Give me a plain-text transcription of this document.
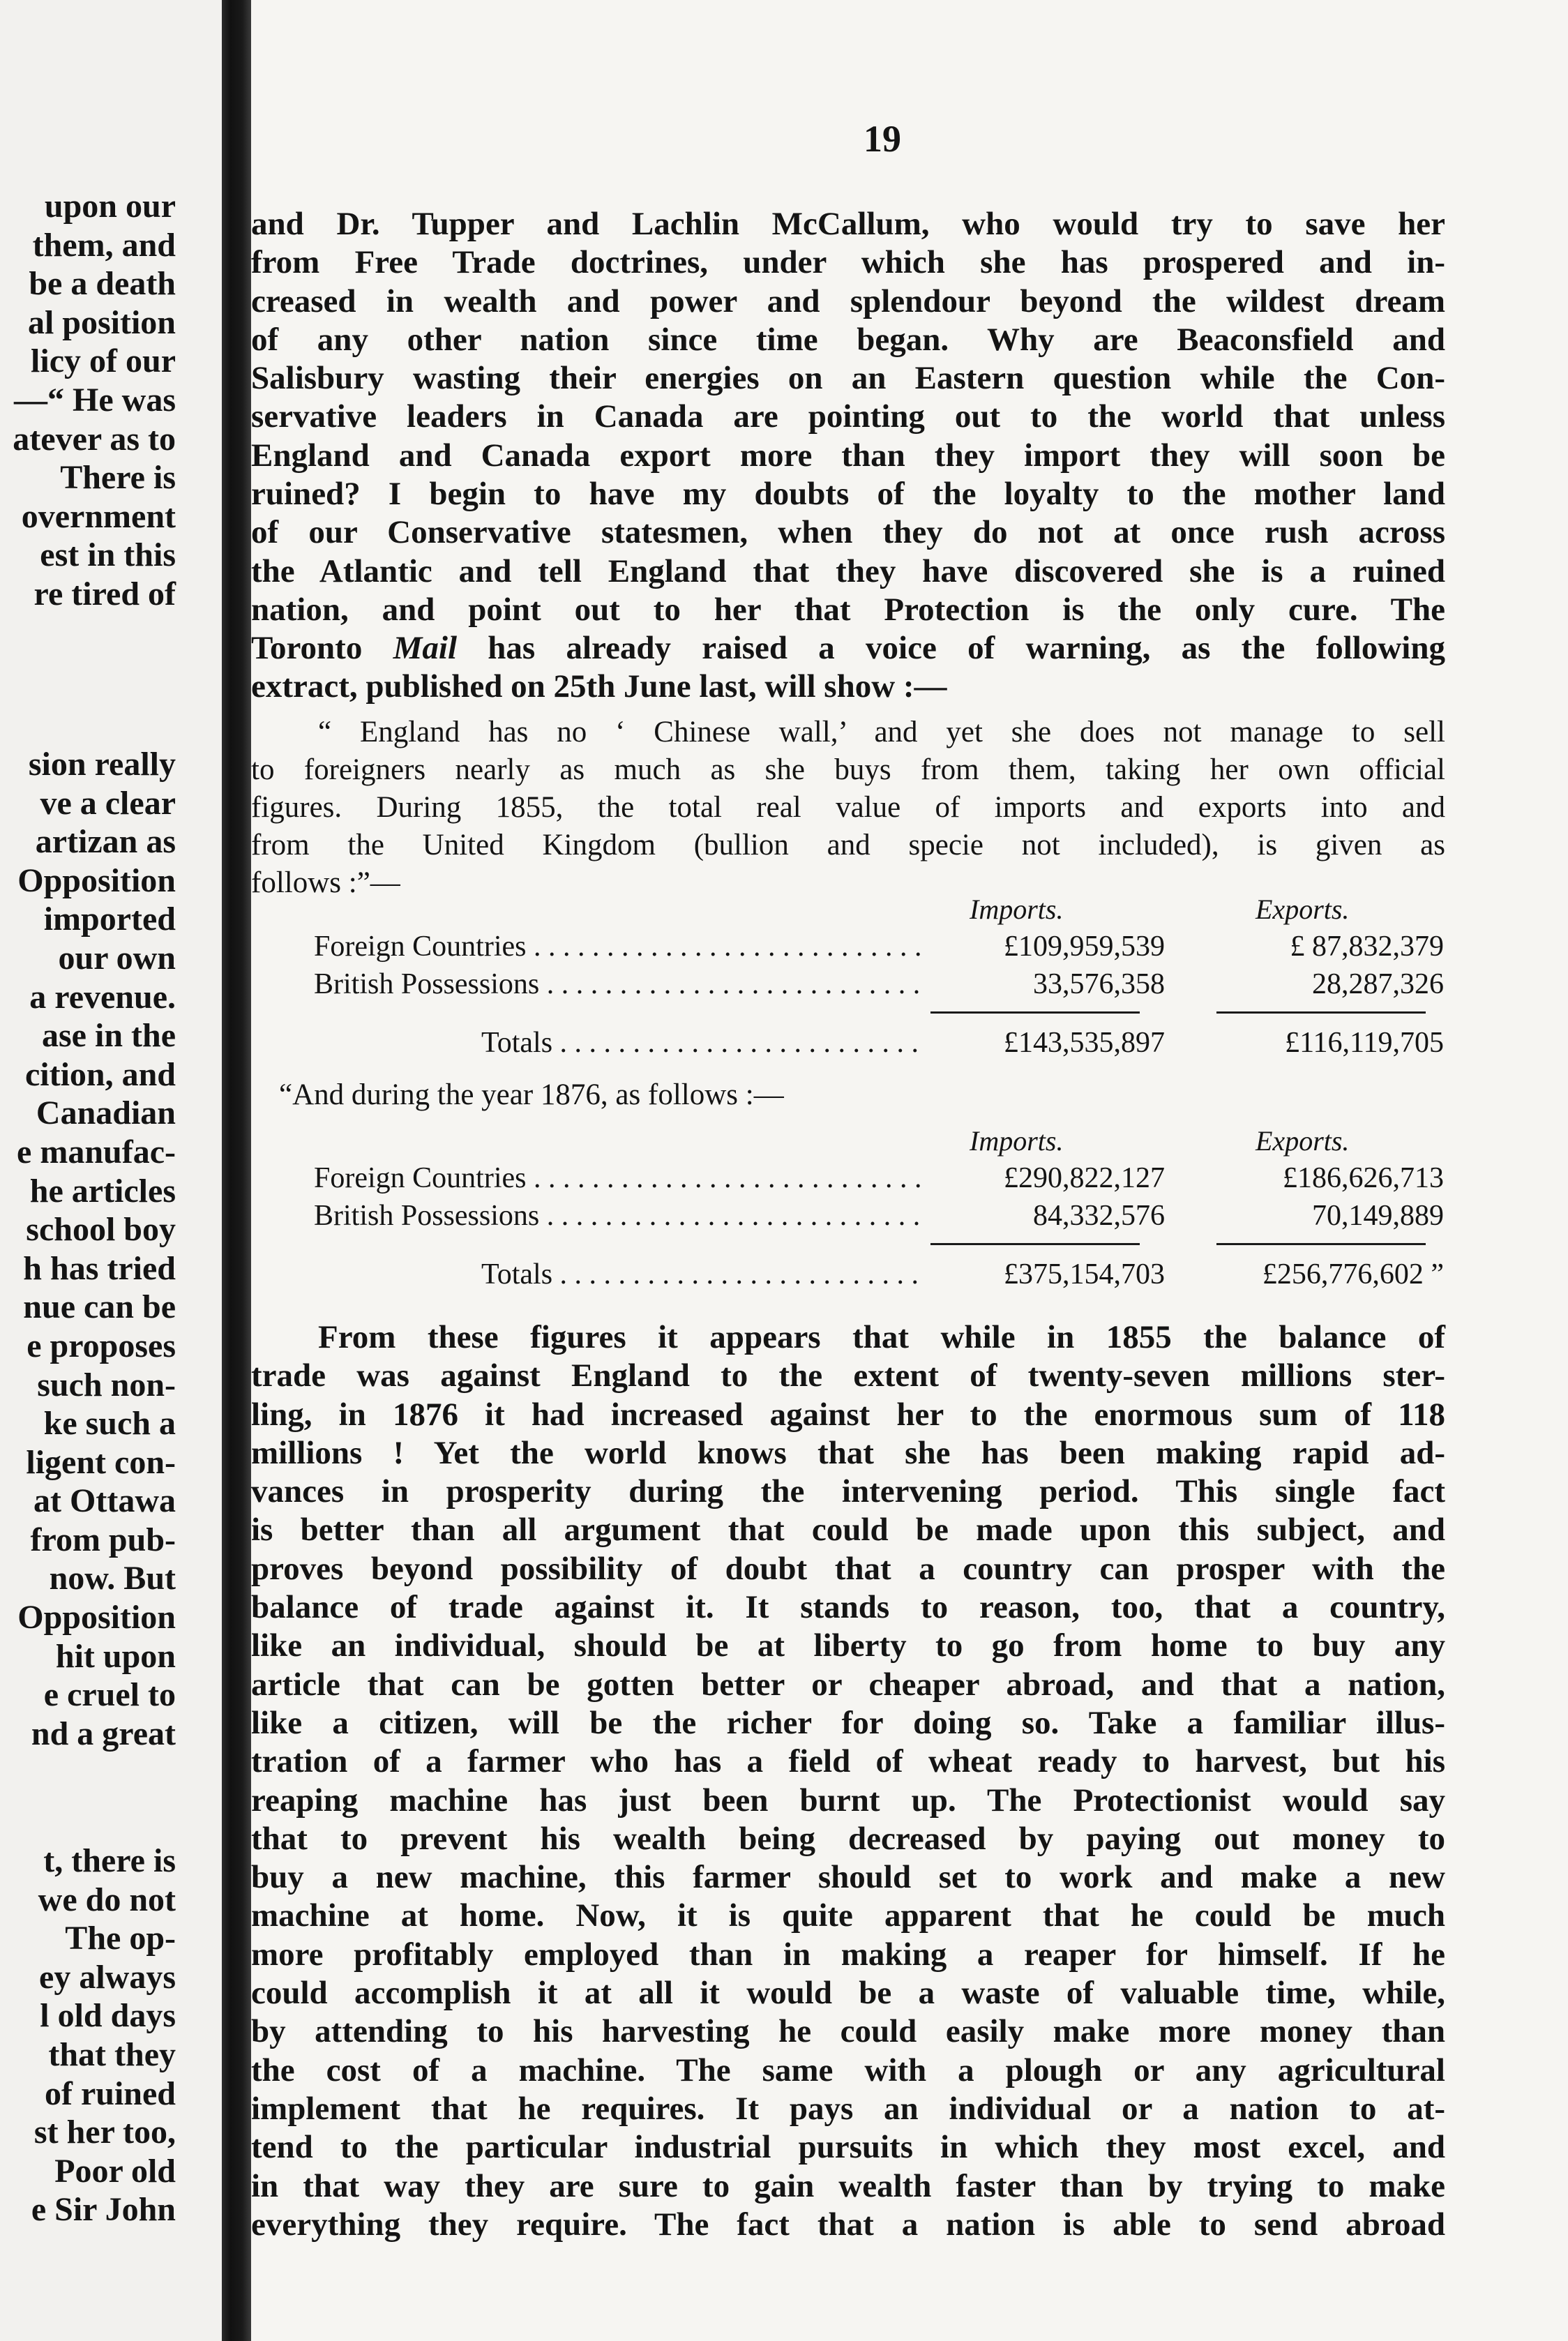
upon our
them, and
be a death
al position
licy of our
—“ He was
atever as to
There is
overnment
est in this
re tired of
sion really
ve a clear
artizan as
Opposition
imported
our own
a revenue.
ase in the
cition, and
Canadian
e manufac-
he articles
school boy
h has tried
nue can be
e proposes
such non-
ke such a
ligent con-
at Ottawa
from pub-
now. But
Opposition
hit upon
e cruel to
nd a great
t, there is
we do not
The op-
ey always
l old days
that they
of ruined
st her too,
Poor old
e Sir John
19
and Dr. Tupper and Lachlin McCallum, who would try to save her
from Free Trade doctrines, under which she has prospered and in-
creased in wealth and power and splendour beyond the wildest dream
of any other nation since time began. Why are Beaconsfield and
Salisbury wasting their energies on an Eastern question while the Con-
servative leaders in Canada are pointing out to the world that unless
England and Canada export more than they import they will soon be
ruined? I begin to have my doubts of the loyalty to the mother land
of our Conservative statesmen, when they do not at once rush across
the Atlantic and tell England that they have discovered she is a ruined
nation, and point out to her that Protection is the only cure. The
Toronto Mail has already raised a voice of warning, as the following
extract, published on 25th June last, will show :—
“ England has no ‘ Chinese wall,’ and yet she does not manage to sell
to foreigners nearly as much as she buys from them, taking her own official
figures. During 1855, the total real value of imports and exports into and
from the United Kingdom (bullion and specie not included), is given as
follows :”—
Imports.	Exports.
Foreign Countries . . .	£109,959,539	£ 87,832,379
British Possessions . . .	33,576,358	28,287,326
Totals . . .	£143,535,897	£116,119,705
“And during the year 1876, as follows :—
Imports.	Exports.
Foreign Countries . . .	£290,822,127	£186,626,713
British Possessions . . .	84,332,576	70,149,889
Totals . . .	£375,154,703	£256,776,602 ”
From these figures it appears that while in 1855 the balance of
trade was against England to the extent of twenty-seven millions ster-
ling, in 1876 it had increased against her to the enormous sum of 118
millions ! Yet the world knows that she has been making rapid ad-
vances in prosperity during the intervening period. This single fact
is better than all argument that could be made upon this subject, and
proves beyond possibility of doubt that a country can prosper with the
balance of trade against it. It stands to reason, too, that a country,
like an individual, should be at liberty to go from home to buy any
article that can be gotten better or cheaper abroad, and that a nation,
like a citizen, will be the richer for doing so. Take a familiar illus-
tration of a farmer who has a field of wheat ready to harvest, but his
reaping machine has just been burnt up. The Protectionist would say
that to prevent his wealth being decreased by paying out money to
buy a new machine, this farmer should set to work and make a new
machine at home. Now, it is quite apparent that he could be much
more profitably employed than in making a reaper for himself. If he
could accomplish it at all it would be a waste of valuable time, while,
by attending to his harvesting he could easily make more money than
the cost of a machine. The same with a plough or any agricultural
implement that he requires. It pays an individual or a nation to at-
tend to the particular industrial pursuits in which they most excel, and
in that way they are sure to gain wealth faster than by trying to make
everything they require. The fact that a nation is able to send abroad
